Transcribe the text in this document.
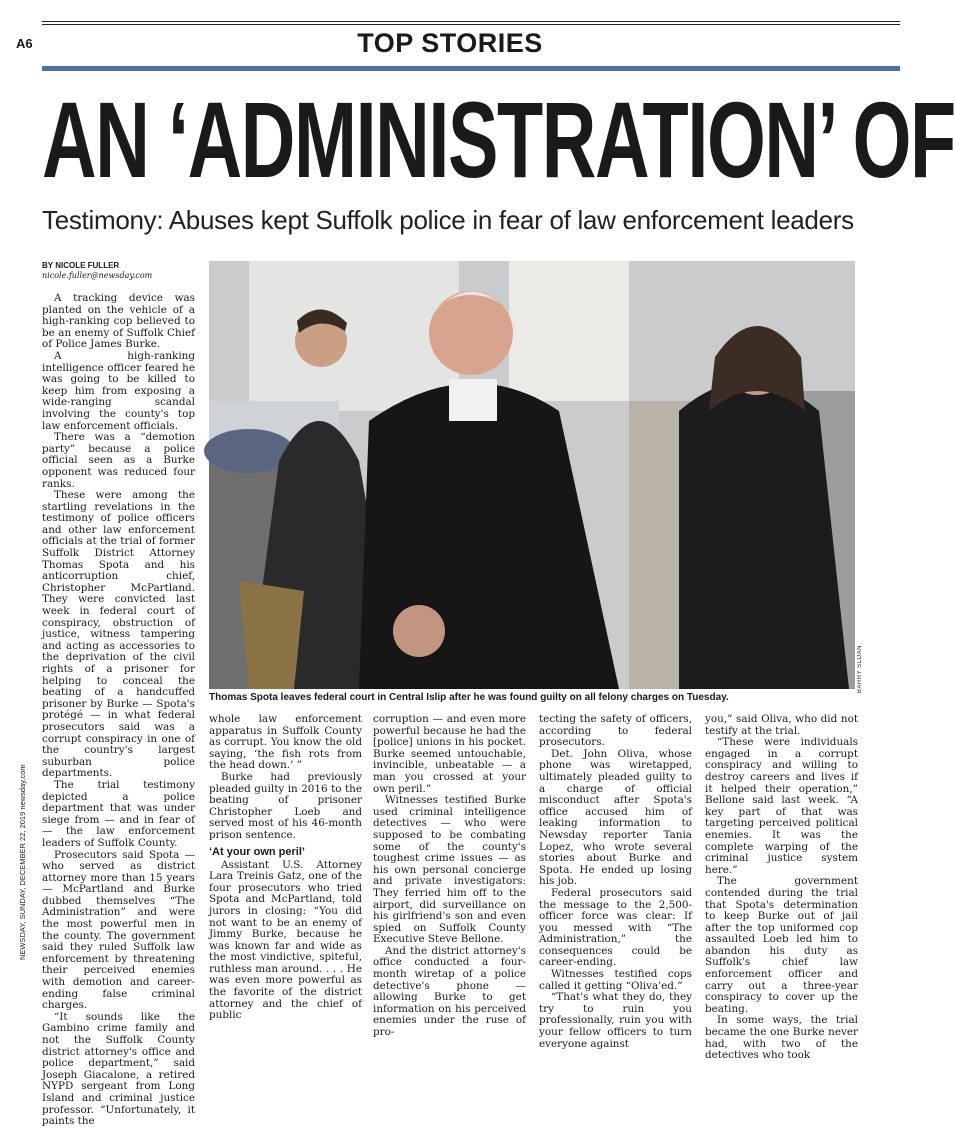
A6	TOP STORIES
AN ‘ADMINISTRATION’ OF
Testimony: Abuses kept Suffolk police in fear of law enforcement leaders
BY NICOLE FULLER
nicole.fuller@newsday.com
BARRY SLOAN
Thomas Spota leaves federal court in Central Islip after he was found guilty on all felony charges on Tuesday.
NEWSDAY, SUNDAY, DECEMBER 22, 2019 newsday.com

A tracking device was planted on the vehicle of a high-ranking cop believed to be an enemy of Suffolk Chief of Police James Burke.

A high-ranking intelligence officer feared he was going to be killed to keep him from exposing a wide-ranging scandal involving the county's top law enforcement officials.

There was a “demotion party” because a police official seen as a Burke opponent was reduced four ranks.

These were among the startling revelations in the testimony of police officers and other law enforcement officials at the trial of former Suffolk District Attorney Thomas Spota and his anticorruption chief, Christopher McPartland. They were convicted last week in federal court of conspiracy, obstruction of justice, witness tampering and acting as accessories to the deprivation of the civil rights of a prisoner for helping to conceal the beating of a handcuffed prisoner by Burke — Spota's protégé — in what federal prosecutors said was a corrupt conspiracy in one of the country's largest suburban police departments.

The trial testimony depicted a police department that was under siege from — and in fear of — the law enforcement leaders of Suffolk County.

Prosecutors said Spota — who served as district attorney more than 15 years — McPartland and Burke dubbed themselves “The Administration” and were the most powerful men in the county. The government said they ruled Suffolk law enforcement by threatening their perceived enemies with demotion and career-ending false criminal charges.

“It sounds like the Gambino crime family and not the Suffolk County district attorney's office and police department,” said Joseph Giacalone, a retired NYPD sergeant from Long Island and criminal justice professor. “Unfortunately, it paints the

whole law enforcement apparatus in Suffolk County as corrupt. You know the old saying, ‘the fish rots from the head down.’ ”

Burke had previously pleaded guilty in 2016 to the beating of prisoner Christopher Loeb and served most of his 46-month prison sentence.

‘At your own peril’

Assistant U.S. Attorney Lara Treinis Gatz, one of the four prosecutors who tried Spota and McPartland, told jurors in closing: “You did not want to be an enemy of Jimmy Burke, because he was known far and wide as the most vindictive, spiteful, ruthless man around. . . . He was even more powerful as the favorite of the district attorney and the chief of public

corruption — and even more powerful because he had the [police] unions in his pocket. Burke seemed untouchable, invincible, unbeatable — a man you crossed at your own peril.”

Witnesses testified Burke used criminal intelligence detectives — who were supposed to be combating some of the county's toughest crime issues — as his own personal concierge and private investigators: They ferried him off to the airport, did surveillance on his girlfriend's son and even spied on Suffolk County Executive Steve Bellone.

And the district attorney's office conducted a four-month wiretap of a police detective's phone — allowing Burke to get information on his perceived enemies under the ruse of pro-

tecting the safety of officers, according to federal prosecutors.

Det. John Oliva, whose phone was wiretapped, ultimately pleaded guilty to a charge of official misconduct after Spota's office accused him of leaking information to Newsday reporter Tania Lopez, who wrote several stories about Burke and Spota. He ended up losing his job.

Federal prosecutors said the message to the 2,500-officer force was clear: If you messed with “The Administration,” the consequences could be career-ending.

Witnesses testified cops called it getting “Oliva'ed.”

“That's what they do, they try to ruin you professionally, ruin you with your fellow officers to turn everyone against

you,” said Oliva, who did not testify at the trial.

“These were individuals engaged in a corrupt conspiracy and willing to destroy careers and lives if it helped their operation,” Bellone said last week. “A key part of that was targeting perceived political enemies. It was the complete warping of the criminal justice system here.”

The government contended during the trial that Spota's determination to keep Burke out of jail after the top uniformed cop assaulted Loeb led him to abandon his duty as Suffolk's chief law enforcement officer and carry out a three-year conspiracy to cover up the beating.

In some ways, the trial became the one Burke never had, with two of the detectives who took
